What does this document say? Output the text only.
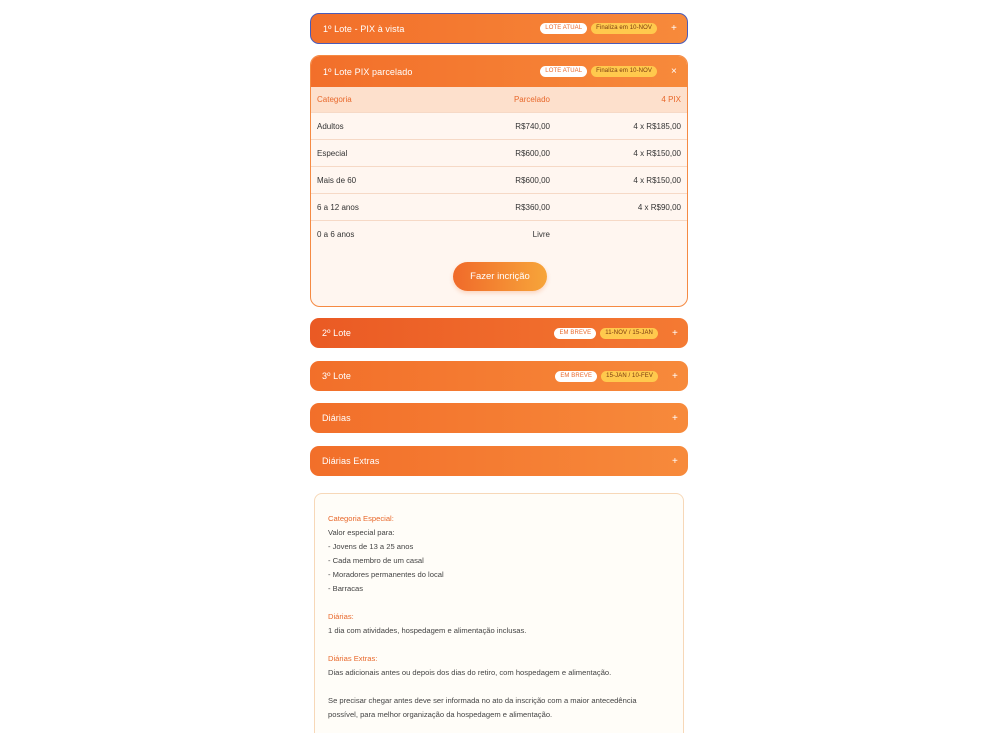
1º Lote - PIX à vista	LOTE ATUAL	Finaliza em 10-NOV	+
1º Lote PIX parcelado	LOTE ATUAL	Finaliza em 10-NOV	×
Categoria	Parcelado	4 PIX
Adultos	R$740,00	4 x R$185,00
Especial	R$600,00	4 x R$150,00
Mais de 60	R$600,00	4 x R$150,00
6 a 12 anos	R$360,00	4 x R$90,00
0 a 6 anos	Livre
Fazer incrição
2º Lote	EM BREVE	11-NOV / 15-JAN	+
3º Lote	EM BREVE	15-JAN / 10-FEV	+
Diárias	+
Diárias Extras	+
Categoria Especial:
Valor especial para:
- Jovens de 13 a 25 anos
- Cada membro de um casal
- Moradores permanentes do local
- Barracas
Diárias:
1 dia com atividades, hospedagem e alimentação inclusas.
Diárias Extras:
Dias adicionais antes ou depois dos dias do retiro, com hospedagem e alimentação.
Se precisar chegar antes deve ser informada no ato da inscrição com a maior antecedência
possível, para melhor organização da hospedagem e alimentação.
